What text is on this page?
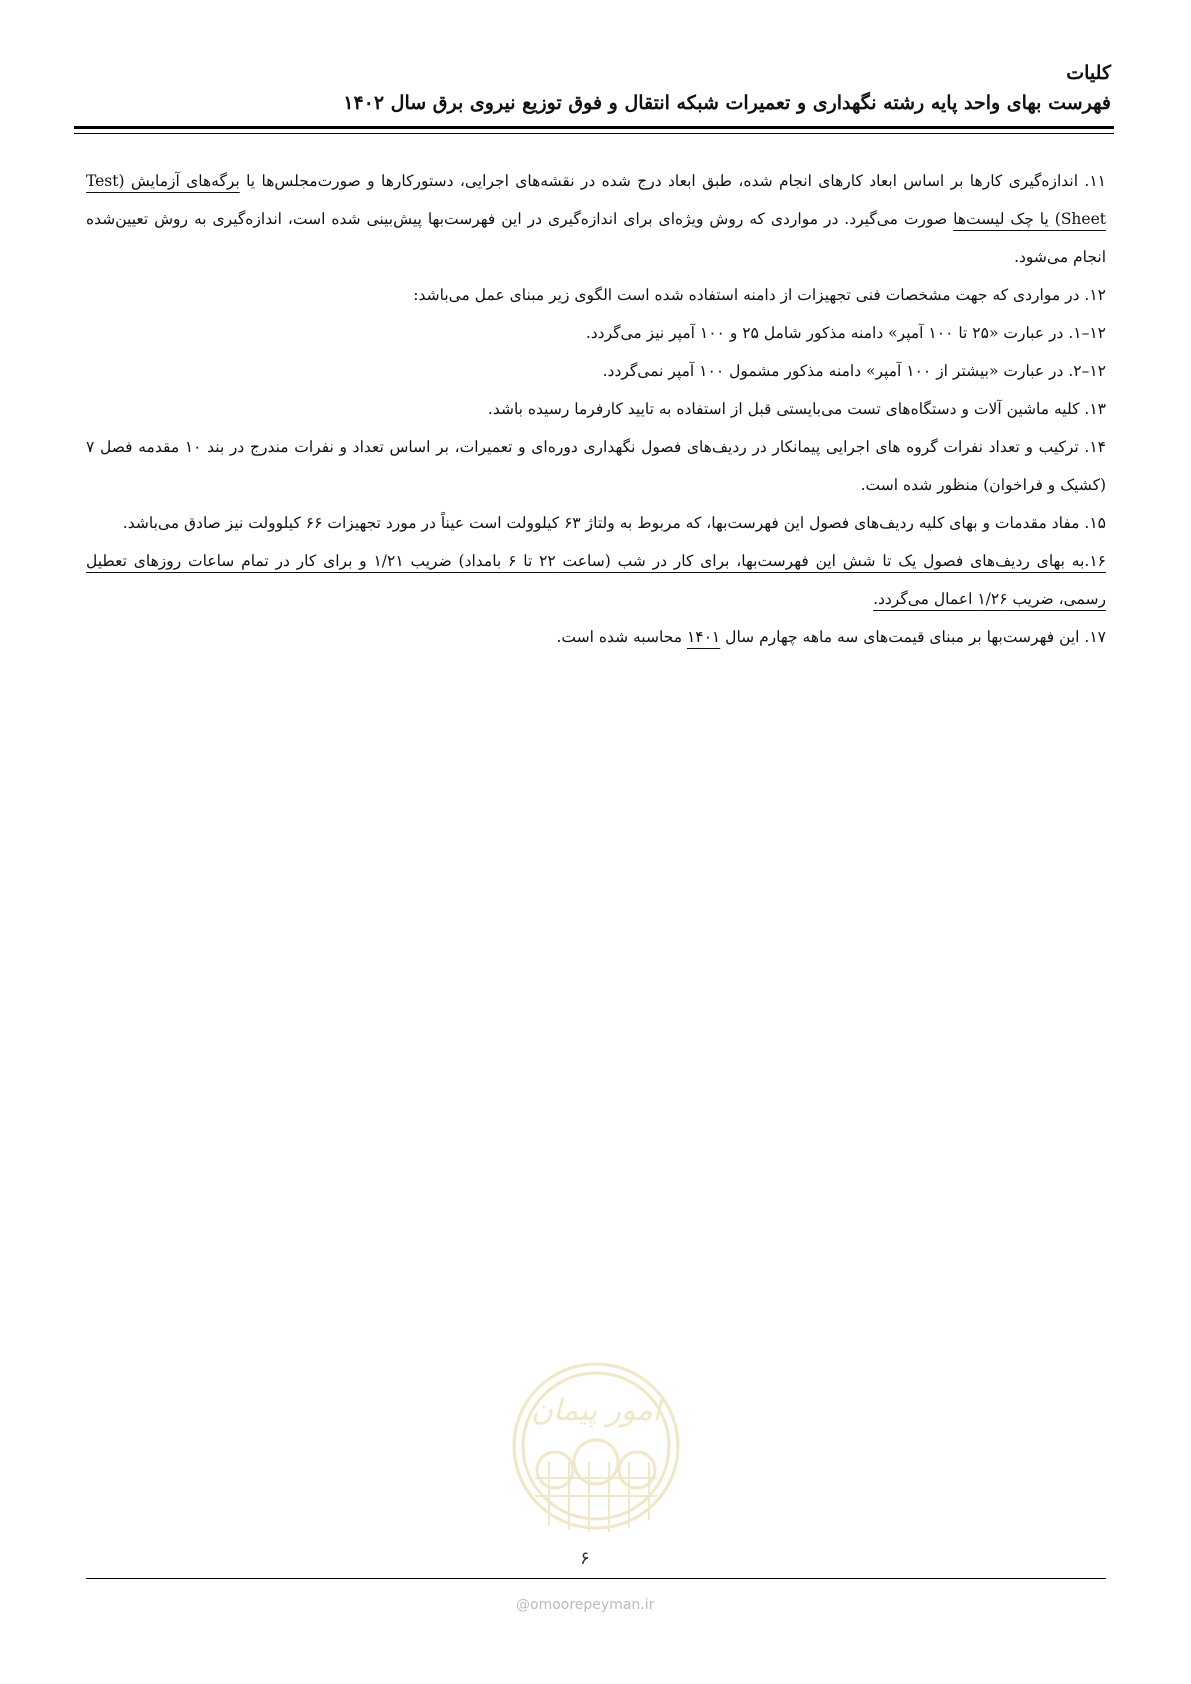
کلیات
فهرست بهای واحد پایه رشته نگهداری و تعمیرات شبکه انتقال و فوق توزیع نیروی برق سال ۱۴۰۲

۱۱. اندازه‌گیری کارها بر اساس ابعاد کارهای انجام شده، طبق ابعاد درج شده در نقشه‌های اجرایی، دستورکارها و صورت‌مجلس‌ها یا برگه‌های آزمایش (Test Sheet) یا چک لیست‌ها صورت می‌گیرد. در مواردی که روش ویژه‌ای برای اندازه‌گیری در این فهرست‌بها پیش‌بینی شده است، اندازه‌گیری به روش تعیین‌شده انجام می‌شود.

۱۲. در مواردی که جهت مشخصات فنی تجهیزات از دامنه استفاده شده است الگوی زیر مبنای عمل می‌باشد:

۱۲–۱. در عبارت «۲۵ تا ۱۰۰ آمپر» دامنه مذکور شامل ۲۵ و ۱۰۰ آمپر نیز می‌گردد.

۱۲–۲. در عبارت «بیشتر از ۱۰۰ آمپر» دامنه مذکور مشمول ۱۰۰ آمپر نمی‌گردد.

۱۳. کلیه ماشین آلات و دستگاه‌های تست می‌بایستی قبل از استفاده به تایید کارفرما رسیده باشد.

۱۴. ترکیب و تعداد نفرات گروه های اجرایی پیمانکار در ردیف‌های فصول نگهداری دوره‌ای و تعمیرات، بر اساس تعداد و نفرات مندرج در بند ۱۰ مقدمه فصل ۷ (کشیک و فراخوان) منظور شده است.

۱۵. مفاد مقدمات و بهای کلیه ردیف‌های فصول این فهرست‌بها، که مربوط به ولتاژ ۶۳ کیلوولت است عیناً در مورد تجهیزات ۶۶ کیلوولت نیز صادق می‌باشد.

۱۶.به بهای ردیف‌های فصول یک تا شش این فهرست‌بها، برای کار در شب (ساعت ۲۲ تا ۶ بامداد) ضریب ۱/۲۱ و برای کار در تمام ساعات روزهای تعطیل رسمی، ضریب ۱/۲۶ اعمال می‌گردد.

۱۷. این فهرست‌بها بر مبنای قیمت‌های سه ماهه چهارم سال ۱۴۰۱ محاسبه شده است.

امور پیمان
۶
@omoorepeyman.ir
